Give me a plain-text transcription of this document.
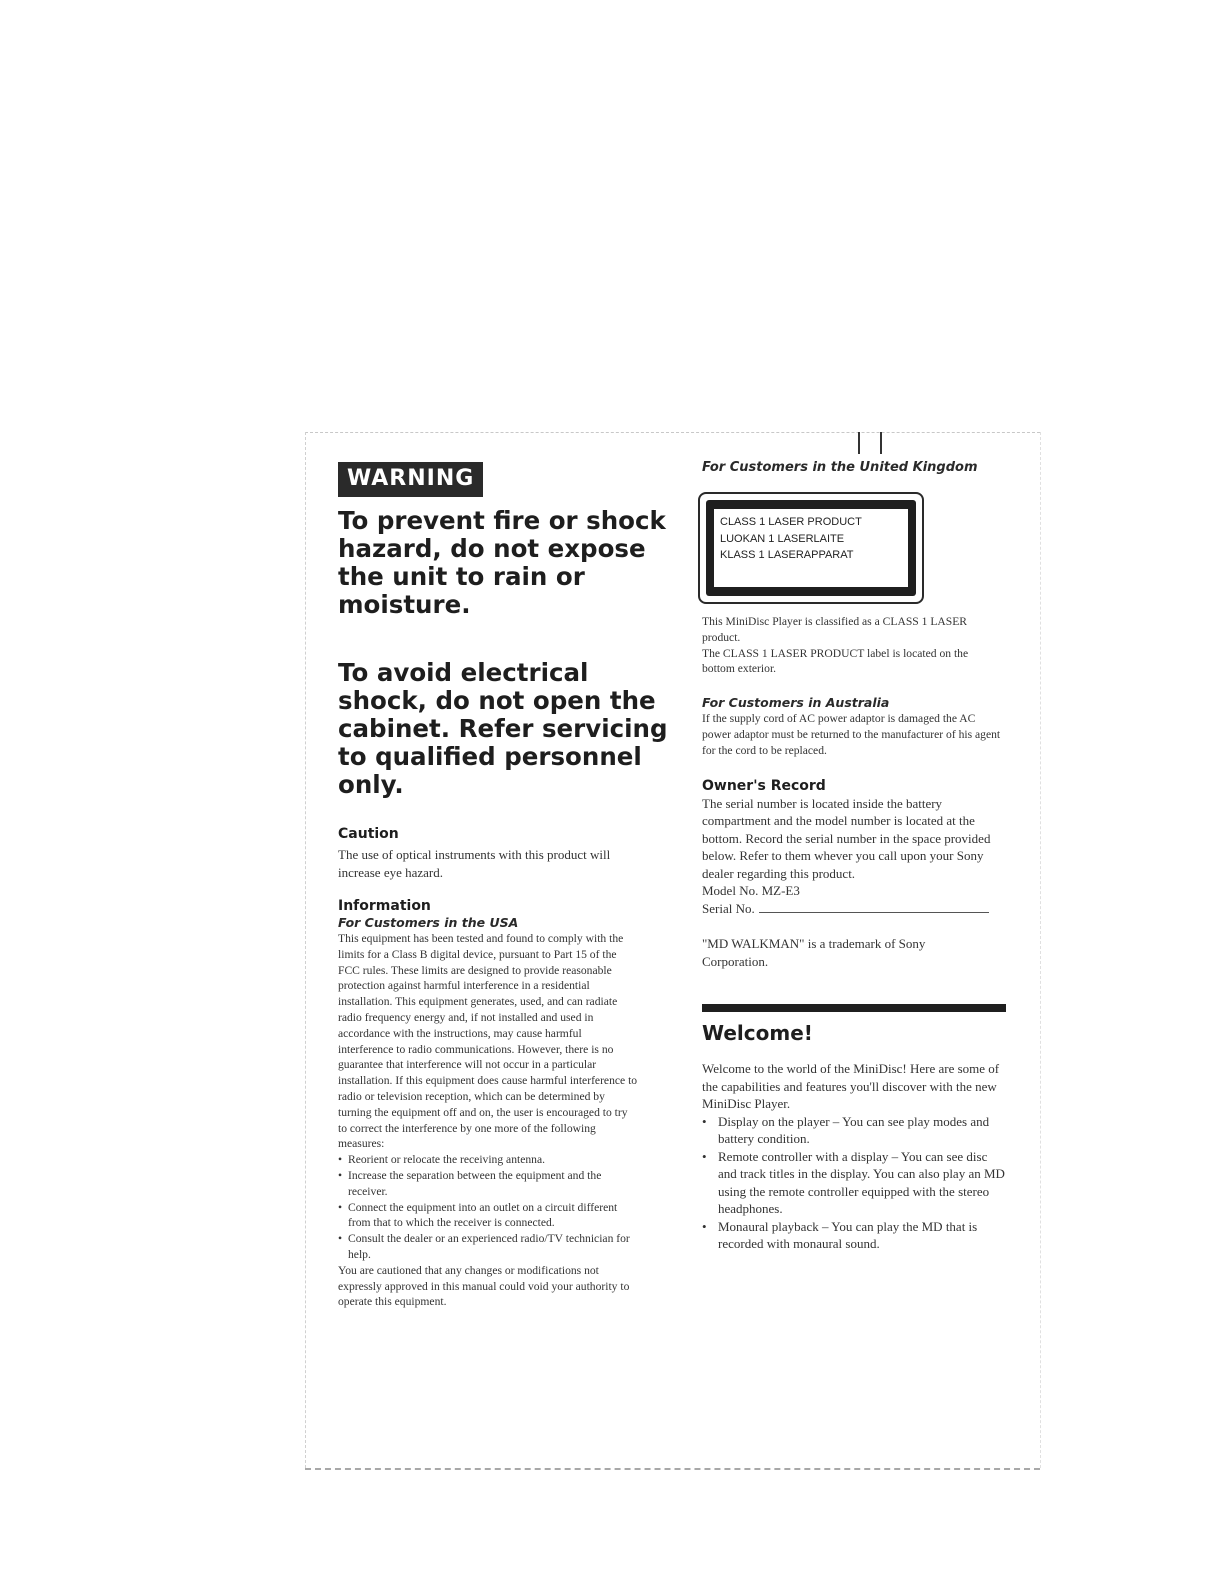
WARNING

To prevent fire or shock hazard, do not expose the unit to rain or moisture.

To avoid electrical shock, do not open the cabinet. Refer servicing to qualified personnel only.

Caution

The use of optical instruments with this product will increase eye hazard.

Information
For Customers in the USA

This equipment has been tested and found to comply with the limits for a Class B digital device, pursuant to Part 15 of the FCC rules. These limits are designed to provide reasonable protection against harmful interference in a residential installation. This equipment generates, used, and can radiate radio frequency energy and, if not installed and used in accordance with the instructions, may cause harmful interference to radio communications. However, there is no guarantee that interference will not occur in a particular installation. If this equipment does cause harmful interference to radio or television reception, which can be determined by turning the equipment off and on, the user is encouraged to try to correct the interference by one more of the following measures:

• Reorient or relocate the receiving antenna.
• Increase the separation between the equipment and the receiver.
• Connect the equipment into an outlet on a circuit different from that to which the receiver is connected.
• Consult the dealer or an experienced radio/TV technician for help.

You are cautioned that any changes or modifications not expressly approved in this manual could void your authority to operate this equipment.

For Customers in the United Kingdom
CLASS 1 LASER PRODUCT
LUOKAN 1 LASERLAITE
KLASS 1 LASERAPPARAT

This MiniDisc Player is classified as a CLASS 1 LASER product.

The CLASS 1 LASER PRODUCT label is located on the bottom exterior.

For Customers in Australia

If the supply cord of AC power adaptor is damaged the AC power adaptor must be returned to the manufacturer of his agent for the cord to be replaced.

Owner's Record

The serial number is located inside the battery compartment and the model number is located at the bottom. Record the serial number in the space provided below. Refer to them whever you call upon your Sony dealer regarding this product.

Model No. MZ-E3

Serial No.

"MD WALKMAN" is a trademark of Sony Corporation.

Welcome!

Welcome to the world of the MiniDisc! Here are some of the capabilities and features you'll discover with the new MiniDisc Player.

• Display on the player – You can see play modes and battery condition.
• Remote controller with a display – You can see disc and track titles in the display. You can also play an MD using the remote controller equipped with the stereo headphones.
• Monaural playback – You can play the MD that is recorded with monaural sound.
